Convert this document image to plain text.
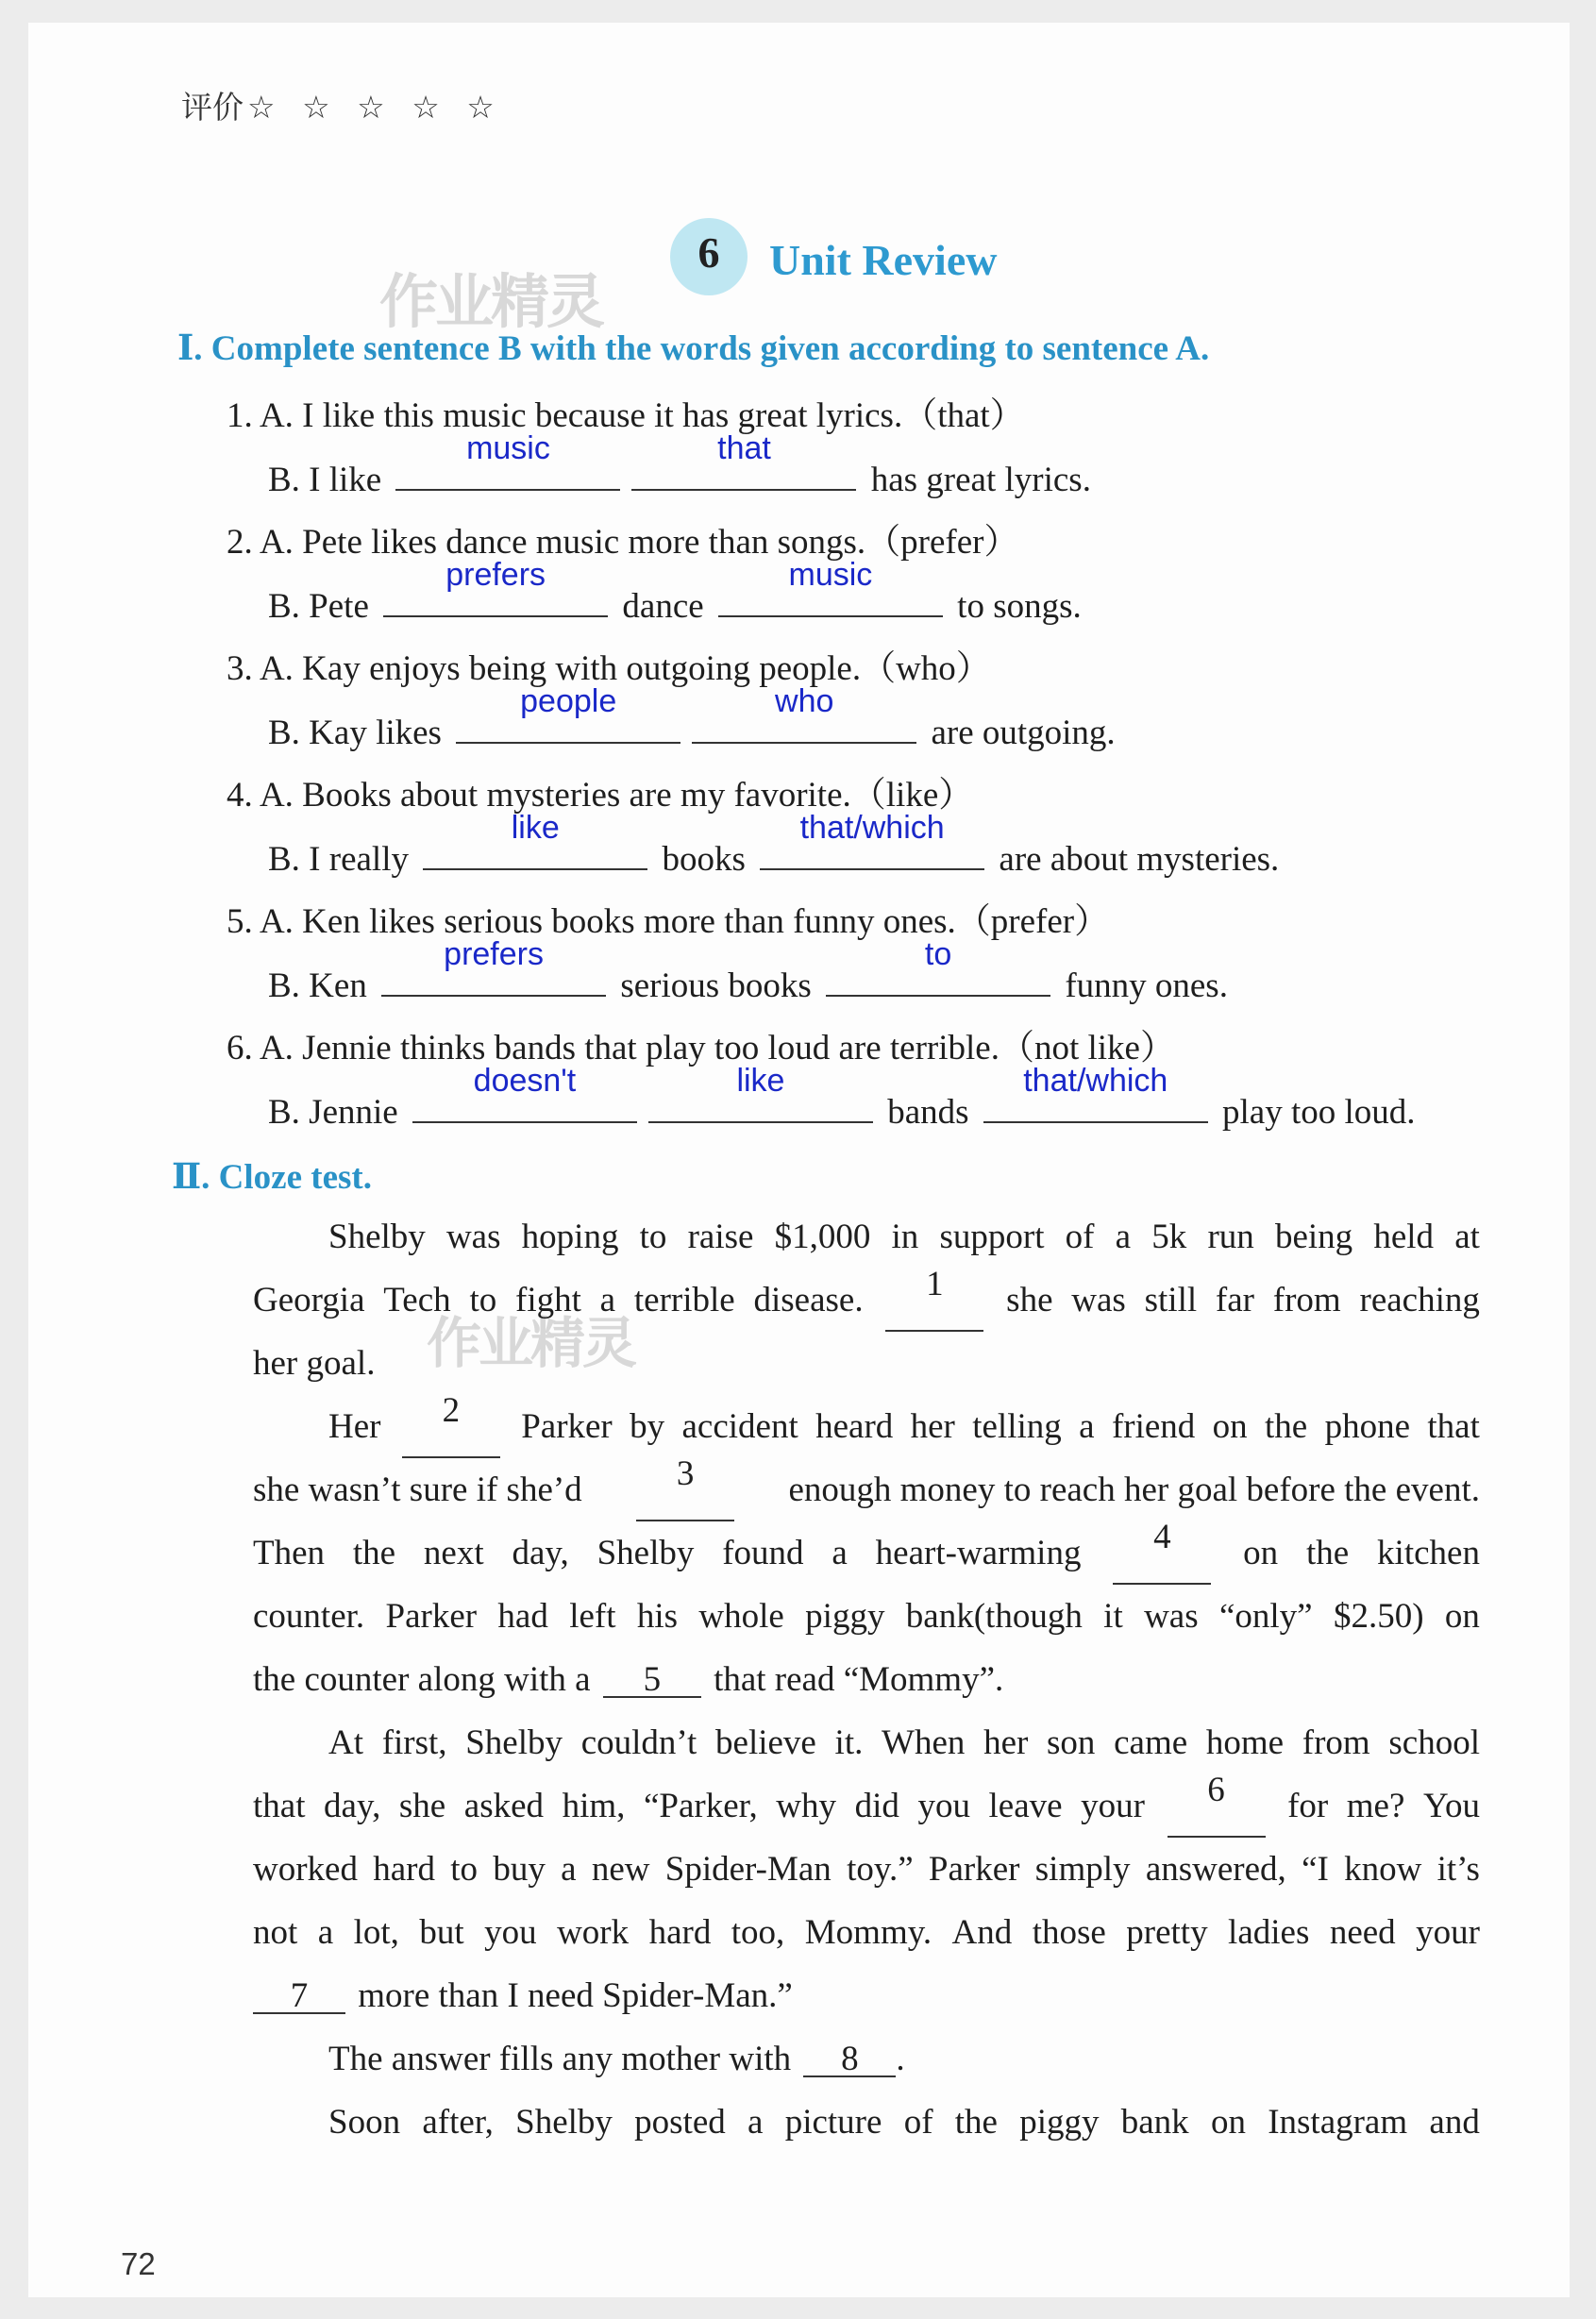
评价 ☆ ☆ ☆ ☆ ☆
作业精灵
作业精灵
6	Unit Review
Ⅰ. Complete sentence B with the words given according to sentence A.
1. A. I like this music because it has great lyrics.（that）
B. I like
music	that
has great lyrics.
2. A. Pete likes dance music more than songs.（prefer）
B. Pete
prefers
dance
music
to songs.
3. A. Kay enjoys being with outgoing people.（who）
B. Kay likes
people	who
are outgoing.
4. A. Books about mysteries are my favorite.（like）
B. I really
like
books
that/which
are about mysteries.
5. A. Ken likes serious books more than funny ones.（prefer）
B. Ken
prefers
serious books
to
funny ones.
6. A. Jennie thinks bands that play too loud are terrible.（not like）
B. Jennie
doesn't	like
bands
that/which
play too loud.
Ⅱ. Cloze test.
Shelby was hoping to raise $1,000 in support of a 5k run being held at
Georgia Tech to fight a terrible disease.	1	she was still far from reaching
her goal.
Her	2	Parker by accident heard her telling a friend on the phone that
she wasn’t sure if she’d	3	enough money to reach her goal before the event.
Then the next day, Shelby found a heart-warming	4	on the kitchen
counter. Parker had left his whole piggy bank(though it was “only” $2.50) on
the counter along with a 5 that read “Mommy”.
At first, Shelby couldn’t believe it. When her son came home from school
that day, she asked him, “Parker, why did you leave your	6	for me? You
worked hard to buy a new Spider-Man toy.” Parker simply answered, “I know it’s
not a lot, but you work hard too, Mommy. And those pretty ladies need your
7 more than I need Spider-Man.”
The answer fills any mother with 8 .
Soon after, Shelby posted a picture of the piggy bank on Instagram and
72
